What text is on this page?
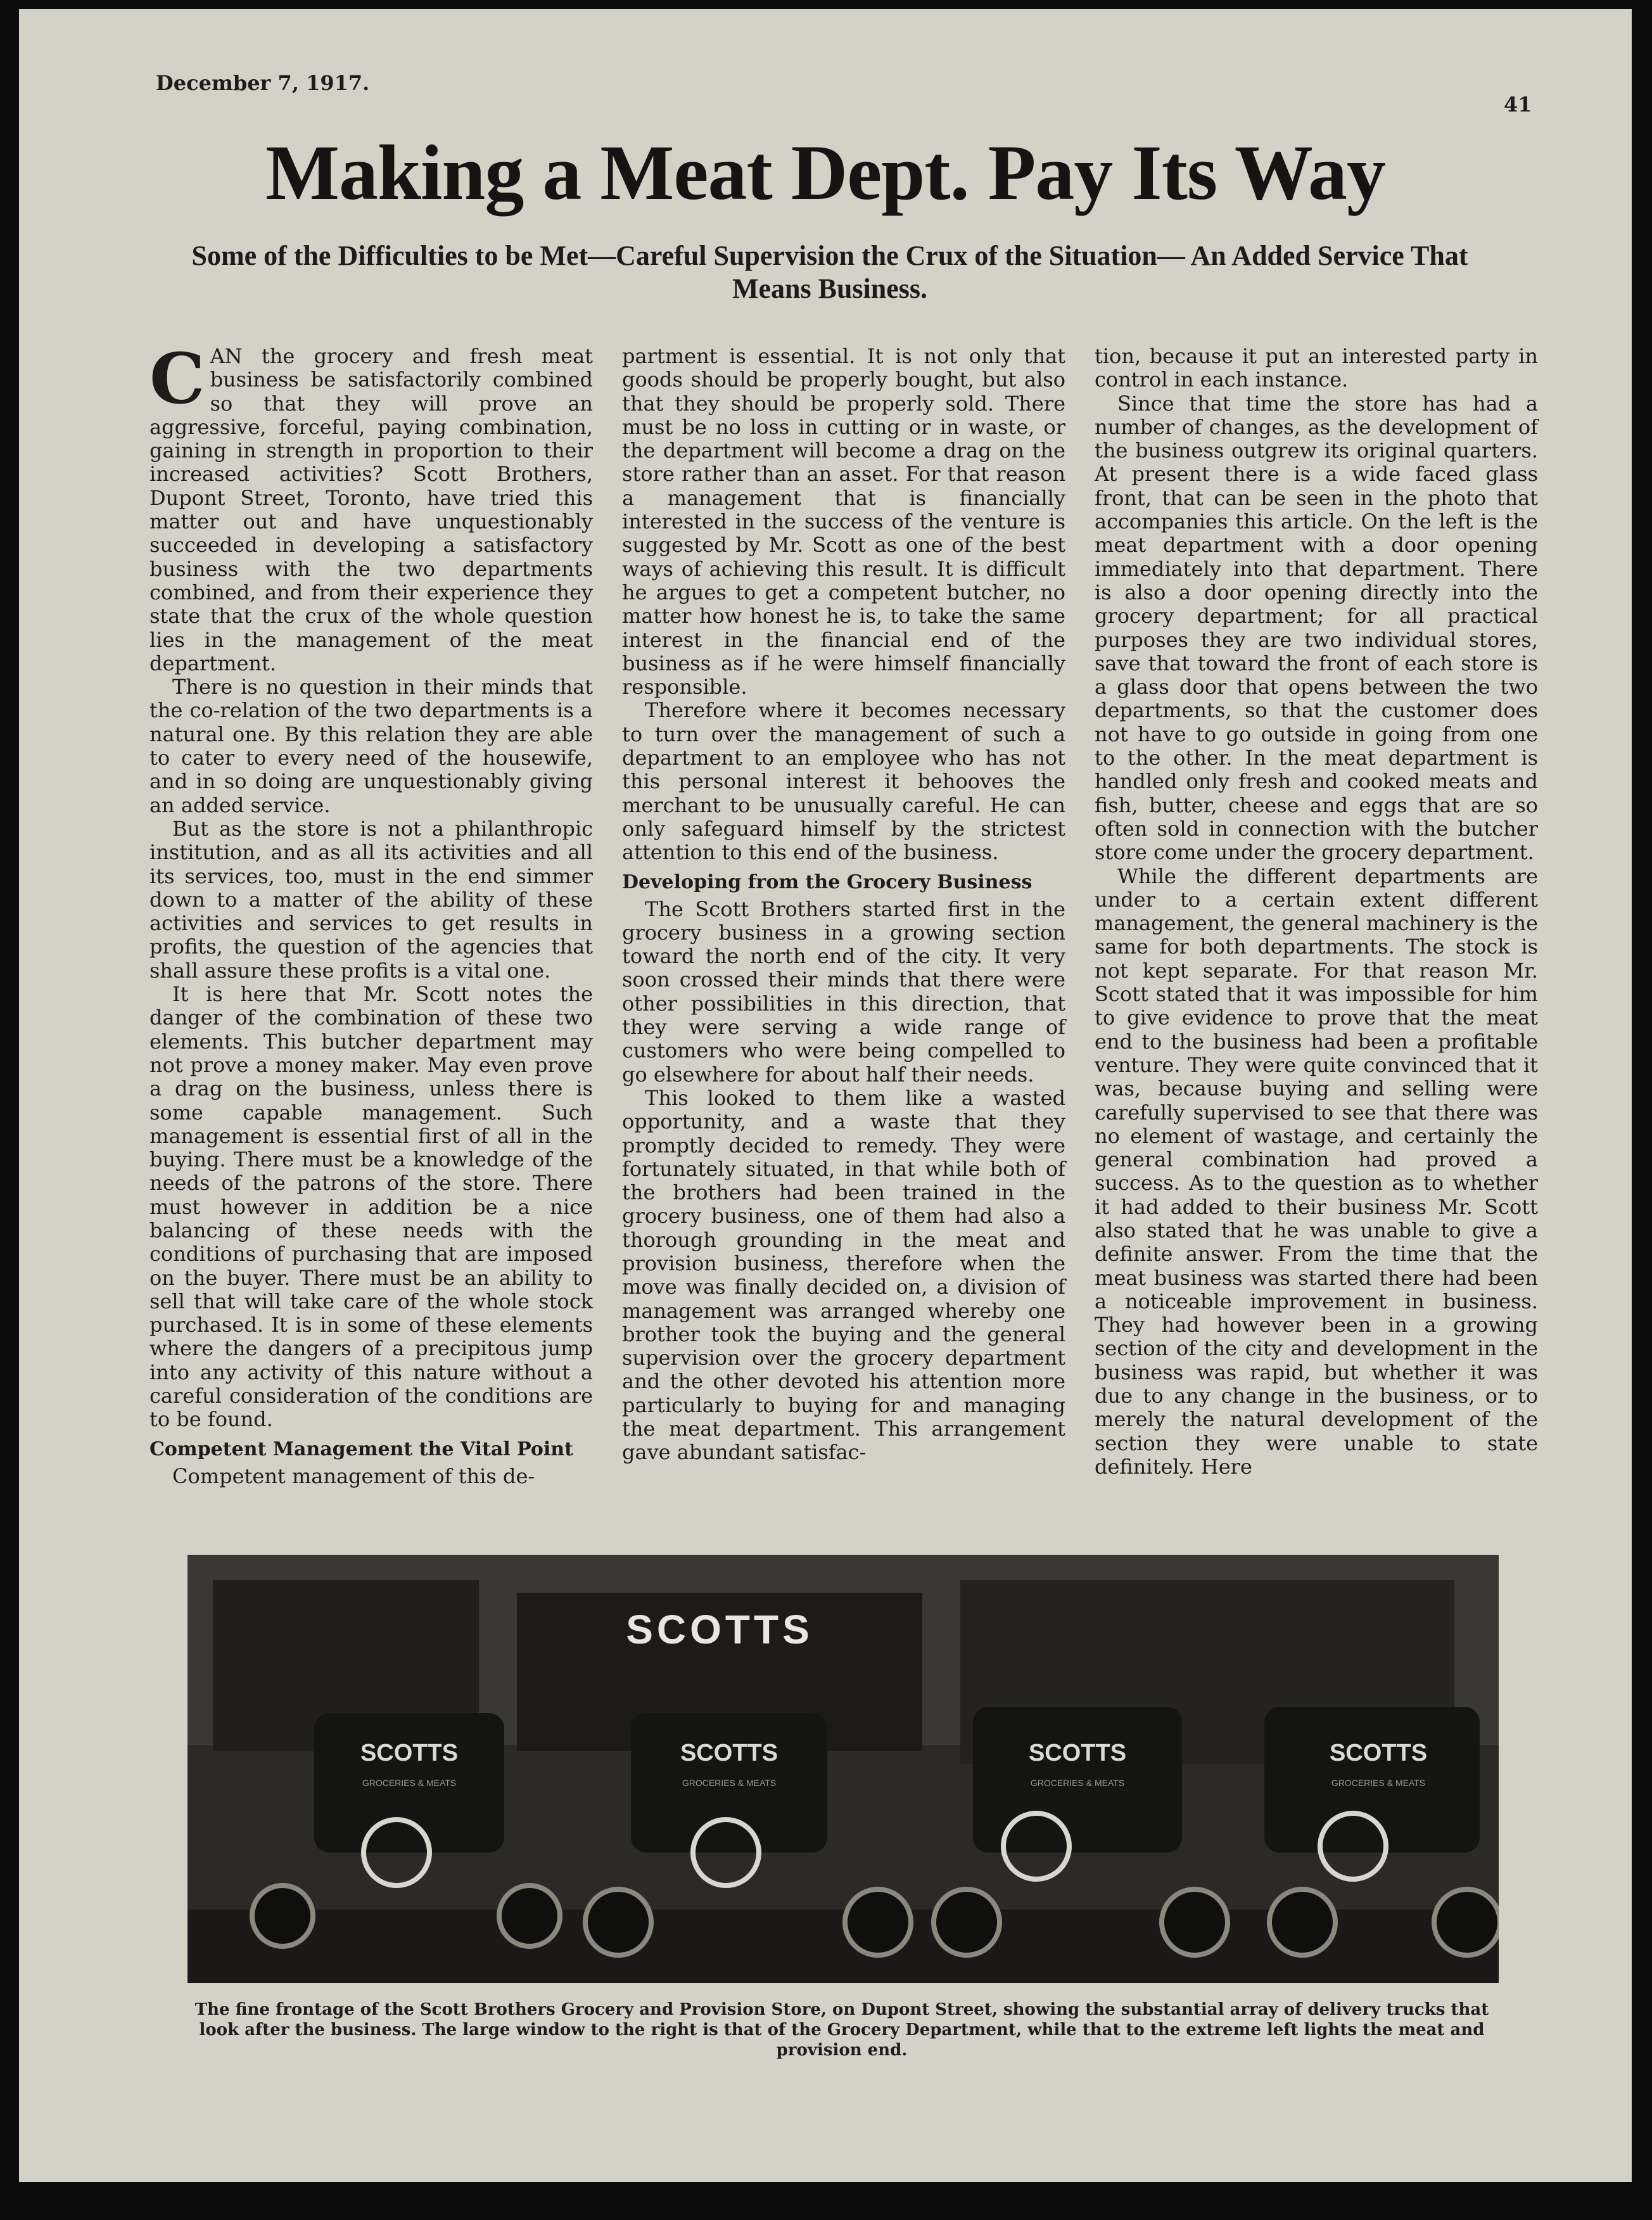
December 7, 1917.
41
Making a Meat Dept. Pay Its Way
Some of the Difficulties to be Met—Careful Supervision the Crux of the Situation— An Added Service That Means Business.

CAN the grocery and fresh meat business be satisfactorily combined so that they will prove an aggressive, forceful, paying combination, gaining in strength in proportion to their increased activities? Scott Brothers, Dupont Street, Toronto, have tried this matter out and have unquestionably succeeded in developing a satisfactory business with the two departments combined, and from their experience they state that the crux of the whole question lies in the management of the meat department.

There is no question in their minds that the co-relation of the two departments is a natural one. By this relation they are able to cater to every need of the housewife, and in so doing are unquestionably giving an added service.

But as the store is not a philanthropic institution, and as all its activities and all its services, too, must in the end simmer down to a matter of the ability of these activities and services to get results in profits, the question of the agencies that shall assure these profits is a vital one.

It is here that Mr. Scott notes the danger of the combination of these two elements. This butcher department may not prove a money maker. May even prove a drag on the business, unless there is some capable management. Such management is essential first of all in the buying. There must be a knowledge of the needs of the patrons of the store. There must however in addition be a nice balancing of these needs with the conditions of purchasing that are imposed on the buyer. There must be an ability to sell that will take care of the whole stock purchased. It is in some of these elements where the dangers of a precipitous jump into any activity of this nature without a careful consideration of the conditions are to be found.

Competent Management the Vital Point

Competent management of this de-

partment is essential. It is not only that goods should be properly bought, but also that they should be properly sold. There must be no loss in cutting or in waste, or the department will become a drag on the store rather than an asset. For that reason a management that is financially interested in the success of the venture is suggested by Mr. Scott as one of the best ways of achieving this result. It is difficult he argues to get a competent butcher, no matter how honest he is, to take the same interest in the financial end of the business as if he were himself financially responsible.

Therefore where it becomes necessary to turn over the management of such a department to an employee who has not this personal interest it behooves the merchant to be unusually careful. He can only safeguard himself by the strictest attention to this end of the business.

Developing from the Grocery Business

The Scott Brothers started first in the grocery business in a growing section toward the north end of the city. It very soon crossed their minds that there were other possibilities in this direction, that they were serving a wide range of customers who were being compelled to go elsewhere for about half their needs.

This looked to them like a wasted opportunity, and a waste that they promptly decided to remedy. They were fortunately situated, in that while both of the brothers had been trained in the grocery business, one of them had also a thorough grounding in the meat and provision business, therefore when the move was finally decided on, a division of management was arranged whereby one brother took the buying and the general supervision over the grocery department and the other devoted his attention more particularly to buying for and managing the meat department. This arrangement gave abundant satisfac-

tion, because it put an interested party in control in each instance.

Since that time the store has had a number of changes, as the development of the business outgrew its original quarters. At present there is a wide faced glass front, that can be seen in the photo that accompanies this article. On the left is the meat department with a door opening immediately into that department. There is also a door opening directly into the grocery department; for all practical purposes they are two individual stores, save that toward the front of each store is a glass door that opens between the two departments, so that the customer does not have to go outside in going from one to the other. In the meat department is handled only fresh and cooked meats and fish, butter, cheese and eggs that are so often sold in connection with the butcher store come under the grocery department.

While the different departments are under to a certain extent different management, the general machinery is the same for both departments. The stock is not kept separate. For that reason Mr. Scott stated that it was impossible for him to give evidence to prove that the meat end to the business had been a profitable venture. They were quite convinced that it was, because buying and selling were carefully supervised to see that there was no element of wastage, and certainly the general combination had proved a success. As to the question as to whether it had added to their business Mr. Scott also stated that he was unable to give a definite answer. From the time that the meat business was started there had been a noticeable improvement in business. They had however been in a growing section of the city and development in the business was rapid, but whether it was due to any change in the business, or to merely the natural development of the section they were unable to state definitely. Here

SCOTTS
SCOTTS
GROCERIES & MEATS
SCOTTS
GROCERIES & MEATS
SCOTTS
GROCERIES & MEATS
SCOTTS
GROCERIES & MEATS
The fine frontage of the Scott Brothers Grocery and Provision Store, on Dupont Street, showing the substantial array of delivery trucks that look after the business. The large window to the right is that of the Grocery Department, while that to the extreme left lights the meat and provision end.
